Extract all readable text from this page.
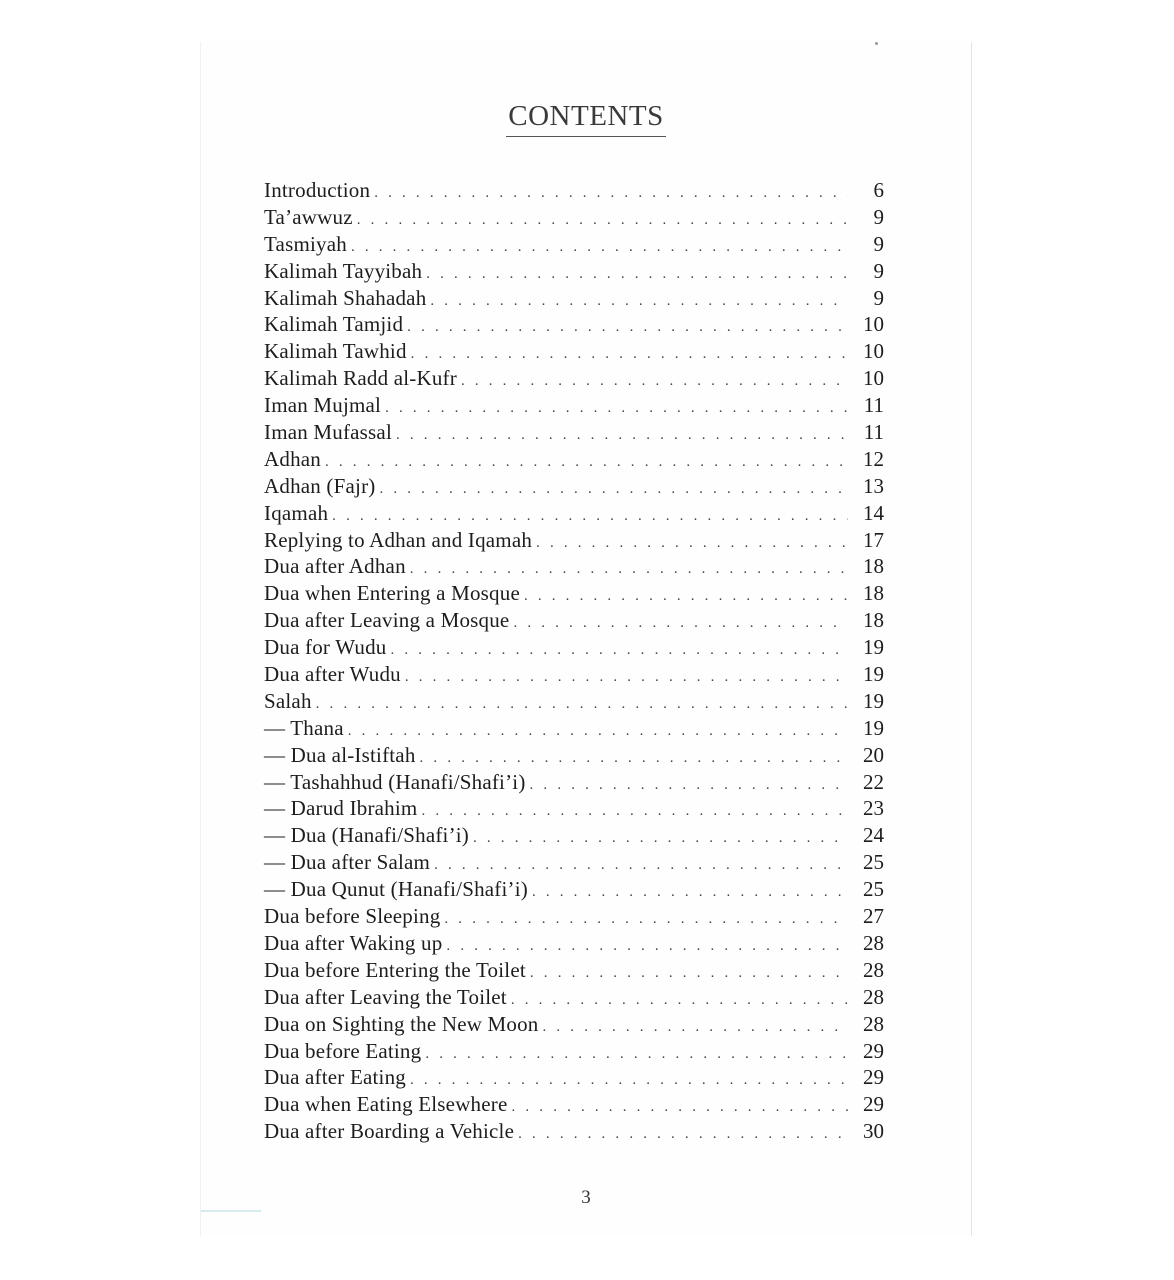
CONTENTS
Introduction . . .	6
Ta’awwuz . . .	9
Tasmiyah . . .	9
Kalimah Tayyibah . . .	9
Kalimah Shahadah . . .	9
Kalimah Tamjid . . .	10
Kalimah Tawhid . . .	10
Kalimah Radd al-Kufr . . .	10
Iman Mujmal . . .	11
Iman Mufassal . . .	11
Adhan . . .	12
Adhan (Fajr) . . .	13
Iqamah . . .	14
Replying to Adhan and Iqamah . . .	17
Dua after Adhan . . .	18
Dua when Entering a Mosque . . .	18
Dua after Leaving a Mosque . . .	18
Dua for Wudu . . .	19
Dua after Wudu . . .	19
Salah . . .	19
— Thana . . .	19
— Dua al-Istiftah . . .	20
— Tashahhud (Hanafi/Shafi’i) . . .	22
— Darud Ibrahim . . .	23
— Dua (Hanafi/Shafi’i) . . .	24
— Dua after Salam . . .	25
— Dua Qunut (Hanafi/Shafi’i) . . .	25
Dua before Sleeping . . .	27
Dua after Waking up . . .	28
Dua before Entering the Toilet . . .	28
Dua after Leaving the Toilet . . .	28
Dua on Sighting the New Moon . . .	28
Dua before Eating . . .	29
Dua after Eating . . .	29
Dua when Eating Elsewhere . . .	29
Dua after Boarding a Vehicle . . .	30
3
